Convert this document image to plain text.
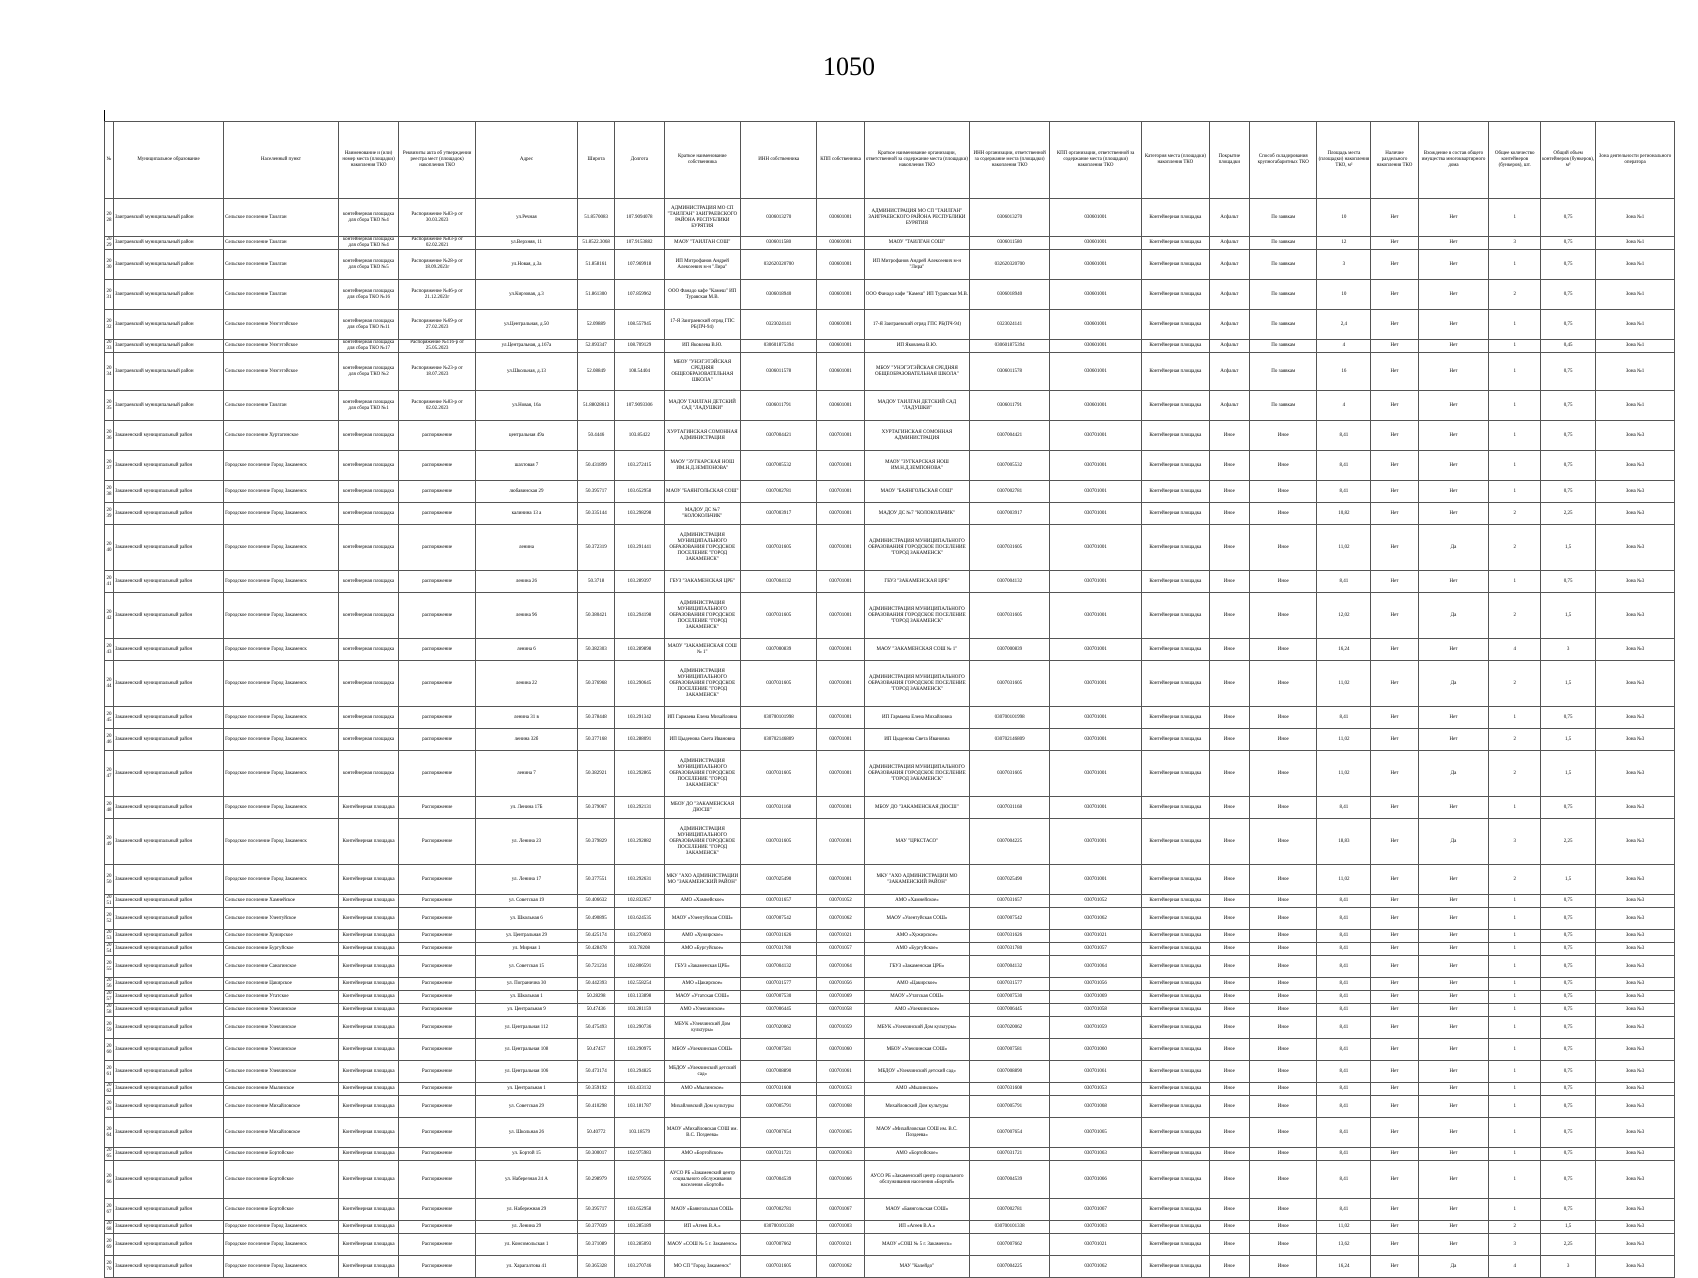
1050
№	Муниципальное образование	Населенный пункт	Наименование и (или) номер места (площадки) накопления ТКО	Реквизиты акта об утверждении реестра мест (площадок) накопления ТКО	Адрес	Широта	Долгота	Краткое наименование собственника	ИНН собственника	КПП собственника	Краткое наименование организации, ответственной за содержание места (площадки) накопления ТКО	ИНН организации, ответственной за содержание места (площадки) накопления ТКО	КПП организации, ответственной за содержание места (площадки) накопления ТКО	Категория места (площадки) накопления ТКО	Покрытие площадки	Способ складирования крупногабаритных ТКО	Площадь места (площадки) накопления ТКО, м²	Наличие раздельного накопления ТКО	Вхождение в состав общего имущества многоквартирного дома	Общее количество контейнеров (бункеров), шт.	Общий объем контейнеров (бункеров), м³	Зона деятельности регионального оператора
2028	Заиграевский муниципальный район	Сельское поселение Таилган	контейнерная площадка для сбора ТКО №4	Распоряжение №83-р от 30.03.2023	ул.Речная	51.8570083	107.9094078	АДМИНИСТРАЦИЯ МО СП "ТАИЛГАН" ЗАИГРАЕВСКОГО РАЙОНА РЕСПУБЛИКИ БУРЯТИЯ	0306013270	030601001	АДМИНИСТРАЦИЯ МО СП "ТАИЛГАН" ЗАИГРАЕВСКОГО РАЙОНА РЕСПУБЛИКИ БУРЯТИЯ	0306013270	030601001	Контейнерная площадка	Асфальт	По заявкам	10	Нет	Нет	1	0,75	Зона №1
2029	Заиграевский муниципальный район	Сельское поселение Таилган	контейнерная площадка для сбора ТКО №4	Распоряжение №83-р от 02.02.2021	ул.Верхняя, 11	51.8522.3068	107.9153882	МАОУ "ТАИЛГАН СОШ"	0306011580	030601001	МАОУ "ТАИЛГАН СОШ"	0306011580	030601001	Контейнерная площадка	Асфальт	По заявкам	12	Нет	Нет	3	0,75	Зона №1
2030	Заиграевский муниципальный район	Сельское поселение Таилган	контейнерная площадка для сбора ТКО №5	Распоряжение №28-р от 18.09.2023г	ул.Новая, д.3а	51.858161	107.969918	ИП Митрофанов Андрей Алексеевич м-н "Лира"	032620320700	030601001	ИП Митрофанов Андрей Алексеевич м-н "Лира"	032620320700	030601001	Контейнерная площадка	Асфальт	По заявкам	3	Нет	Нет	1	0,75	Зона №1
2031	Заиграевский муниципальный район	Сельское поселение Таилган	контейнерная площадка для сбора ТКО №16	Распоряжение №46-р от 21.12.2023г	ул.Кирзовая, д.3	51.861300	107.859962	ООО Фанадо кафе "Камеш" ИП Туравская М.В.	0306018940	030601001	ООО Фанадо кафе "Камеш" ИП Туравская М.В.	0306018940	030601001	Контейнерная площадка	Асфальт	По заявкам	10	Нет	Нет	2	0,75	Зона №1
2032	Заиграевский муниципальный район	Сельское поселение Унэгэтэйское	контейнерная площадка для сбора ТКО №11	Распоряжение №69-р от 27.02.2023	ул.Центральная, д.50	52.09889	108.557945	17-Я Заиграевский отряд ГПС РБ(ПЧ-94)	0323024141	030601001	17-Я Заиграевский отряд ГПС РБ(ПЧ-94)	0323024141	030601001	Контейнерная площадка	Асфальт	По заявкам	2,4	Нет	Нет	1	0,75	Зона №1
2033	Заиграевский муниципальный район	Сельское поселение Унэгэтэйское	контейнерная площадка для сбора ТКО №17	Распоряжение №116-р от 25.05.2023	ул.Центральная, д.167а	52.093347	108.709129	ИП Яковлева В.Ю.	030601875394	030601001	ИП Яковлева В.Ю.	030601875394	030601001	Контейнерная площадка	Асфальт	По заявкам	4	Нет	Нет	1	0,45	Зона №1
2034	Заиграевский муниципальный район	Сельское поселение Унэгэтэйское	контейнерная площадка для сбора ТКО №2	Распоряжение №23-р от 18.07.2023	ул.Школьная, д.13	52.08849	108.54404	МБОУ "УНЭГЭТЭЙСКАЯ СРЕДНЯЯ ОБЩЕОБРАЗОВАТЕЛЬНАЯ ШКОЛА"	0306011578	030601001	МБОУ "УНЭГЭТЭЙСКАЯ СРЕДНЯЯ ОБЩЕОБРАЗОВАТЕЛЬНАЯ ШКОЛА"	0306011578	030601001	Контейнерная площадка	Асфальт	По заявкам	16	Нет	Нет	1	0,75	Зона №1
2035	Заиграевский муниципальный район	Сельское поселение Таилган	контейнерная площадка для сбора ТКО №1	Распоряжение №83-р от 02.02.2023	ул.Новая, 16а	51.88028613	107.9093306	МАДОУ ТАИЛГАН ДЕТСКИЙ САД "ЛАДУШКИ"	0306011791	030601001	МАДОУ ТАИЛГАН ДЕТСКИЙ САД "ЛАДУШКИ"	0306011791	030601001	Контейнерная площадка	Асфальт	По заявкам	4	Нет	Нет	1	0,75	Зона №1
2036	Закаменский муниципальный район	Сельское поселение Хуртагинское	контейнерная площадка	распоряжение	центральная 49а	50.4446	103.85422	ХУРТАГИНСКАЯ СОМОННАЯ АДМИНИСТРАЦИЯ	0307004421	030701001	ХУРТАГИНСКАЯ СОМОННАЯ АДМИНИСТРАЦИЯ	0307004421	030701001	Контейнерная площадка	Иное	Иное	8,41	Нет	Нет	1	0,75	Зона №3
2037	Закаменский муниципальный район	Городское поселение Город Закаменск	контейнерная площадка	распоряжение	шахтовая 7	50.431899	103.272415	МАОУ "ЗУГКАРСКАЯ НОШ ИМ.Н.Д.ЗЕМПОНОВА"	0307005532	030701001	МАОУ "ЗУГКАРСКАЯ НОШ ИМ.Н.Д.ЗЕМПОНОВА"	0307005532	030701001	Контейнерная площадка	Иное	Иное	8,41	Нет	Нет	1	0,75	Зона №3
2038	Закаменский муниципальный район	Городское поселение Город Закаменск	контейнерная площадка	распоряжение	любавинская 29	50.395717	103.652958	МАОУ "БАЯНГОЛЬСКАЯ СОШ"	0307002781	030701001	МАОУ "БАЯНГОЛЬСКАЯ СОШ"	0307002781	030701001	Контейнерная площадка	Иное	Иное	8,41	Нет	Нет	1	0,75	Зона №3
2039	Закаменский муниципальный район	Городское поселение Город Закаменск	контейнерная площадка	распоряжение	калинина 13 а	50.335144	103.298298	МАДОУ ДС №7 "КОЛОКОЛЬЧИК"	0307003917	030701001	МАДОУ ДС №7 "КОЛОКОЛЬЧИК"	0307003917	030701001	Контейнерная площадка	Иное	Иное	10,82	Нет	Нет	2	2,25	Зона №3
2040	Закаменский муниципальный район	Городское поселение Город Закаменск	контейнерная площадка	распоряжение	ленина	50.372319	103.291441	АДМИНИСТРАЦИЯ МУНИЦИПАЛЬНОГО ОБРАЗОВАНИЯ ГОРОДСКОЕ ПОСЕЛЕНИЕ "ГОРОД ЗАКАМЕНСК"	0307031605	030701001	АДМИНИСТРАЦИЯ МУНИЦИПАЛЬНОГО ОБРАЗОВАНИЯ ГОРОДСКОЕ ПОСЕЛЕНИЕ "ГОРОД ЗАКАМЕНСК"	0307031605	030701001	Контейнерная площадка	Иное	Иное	11,02	Нет	Да	2	1,5	Зона №3
2041	Закаменский муниципальный район	Городское поселение Город Закаменск	контейнерная площадка	распоряжение	ленина 26	50.3718	103.289397	ГБУЗ "ЗАКАМЕНСКАЯ ЦРБ"	0307004132	030701001	ГБУЗ "ЗАКАМЕНСКАЯ ЦРБ"	0307004132	030701001	Контейнерная площадка	Иное	Иное	8,41	Нет	Нет	1	0,75	Зона №3
2042	Закаменский муниципальный район	Городское поселение Город Закаменск	контейнерная площадка	распоряжение	ленина 96	50.380421	103.294198	АДМИНИСТРАЦИЯ МУНИЦИПАЛЬНОГО ОБРАЗОВАНИЯ ГОРОДСКОЕ ПОСЕЛЕНИЕ "ГОРОД ЗАКАМЕНСК"	0307031605	030701001	АДМИНИСТРАЦИЯ МУНИЦИПАЛЬНОГО ОБРАЗОВАНИЯ ГОРОДСКОЕ ПОСЕЛЕНИЕ "ГОРОД ЗАКАМЕНСК"	0307031605	030701001	Контейнерная площадка	Иное	Иное	12,02	Нет	Да	2	1,5	Зона №3
2043	Закаменский муниципальный район	Городское поселение Город Закаменск	контейнерная площадка	распоряжение	ленина 6	50.382303	103.289898	МАОУ "ЗАКАМЕНСКАЯ СОШ № 1"	0307000839	030701001	МАОУ "ЗАКАМЕНСКАЯ СОШ № 1"	0307000839	030701001	Контейнерная площадка	Иное	Иное	16,24	Нет	Нет	4	3	Зона №3
2044	Закаменский муниципальный район	Городское поселение Город Закаменск	контейнерная площадка	распоряжение	ленина 22	50.376968	103.290645	АДМИНИСТРАЦИЯ МУНИЦИПАЛЬНОГО ОБРАЗОВАНИЯ ГОРОДСКОЕ ПОСЕЛЕНИЕ "ГОРОД ЗАКАМЕНСК"	0307031605	030701001	АДМИНИСТРАЦИЯ МУНИЦИПАЛЬНОГО ОБРАЗОВАНИЯ ГОРОДСКОЕ ПОСЕЛЕНИЕ "ГОРОД ЗАКАМЕНСК"	0307031605	030701001	Контейнерная площадка	Иное	Иное	11,02	Нет	Да	2	1,5	Зона №3
2045	Закаменский муниципальный район	Городское поселение Город Закаменск	контейнерная площадка	распоряжение	ленина 31 в	50.378448	103.291342	ИП Гармаева Елена Михайловна	030700101998	030701001	ИП Гармаева Елена Михайловна	030700101998	030701001	Контейнерная площадка	Иное	Иное	8,41	Нет	Нет	1	0,75	Зона №3
2046	Закаменский муниципальный район	Городское поселение Город Закаменск	контейнерная площадка	распоряжение	ленина 32б	50.377168	103.288091	ИП Цыденова Светa Ивановна	030702146809	030701001	ИП Цыденова Света Ивановна	030702146809	030701001	Контейнерная площадка	Иное	Иное	11,02	Нет	Нет	2	1,5	Зона №3
2047	Закаменский муниципальный район	Городское поселение Город Закаменск	контейнерная площадка	распоряжение	ленина 7	50.382921	103.292865	АДМИНИСТРАЦИЯ МУНИЦИПАЛЬНОГО ОБРАЗОВАНИЯ ГОРОДСКОЕ ПОСЕЛЕНИЕ "ГОРОД ЗАКАМЕНСК"	0307031605	030701001	АДМИНИСТРАЦИЯ МУНИЦИПАЛЬНОГО ОБРАЗОВАНИЯ ГОРОДСКОЕ ПОСЕЛЕНИЕ "ГОРОД ЗАКАМЕНСК"	0307031605	030701001	Контейнерная площадка	Иное	Иное	11,02	Нет	Да	2	1,5	Зона №3
2048	Закаменский муниципальный район	Городское поселение Город Закаменск	Контейнерная площадка	Распоряжение	ул. Ленина 17Б	50.379067	103.292131	МБОУ ДО "ЗАКАМЕНСКАЯ ДЮСШ"	0307031168	030701001	МБОУ ДО "ЗАКАМЕНСКАЯ ДЮСШ"	0307031168	030701001	Контейнерная площадка	Иное	Иное	8,41	Нет	Нет	1	0,75	Зона №3
2049	Закаменский муниципальный район	Городское поселение Город Закаменск	Контейнерная площадка	Распоряжение	ул. Ленина 23	50.379829	103.292882	АДМИНИСТРАЦИЯ МУНИЦИПАЛЬНОГО ОБРАЗОВАНИЯ ГОРОДСКОЕ ПОСЕЛЕНИЕ "ГОРОД ЗАКАМЕНСК"	0307031605	030701001	МАУ "ЦРКСТАСО"	0307004225	030701001	Контейнерная площадка	Иное	Иное	18,83	Нет	Да	3	2,25	Зона №3
2050	Закаменский муниципальный район	Городское поселение Город Закаменск	Контейнерная площадка	Распоряжение	ул. Ленина 17	50.377551	103.292631	МКУ "АХО АДМИНИСТРАЦИИ МО "ЗАКАМЕНСКИЙ РАЙОН"	0307025490	030701001	МКУ "АХО АДМИНИСТРАЦИИ МО "ЗАКАМЕНСКИЙ РАЙОН"	0307025490	030701001	Контейнерная площадка	Иное	Иное	11,02	Нет	Нет	2	1,5	Зона №3
2051	Закаменский муниципальный район	Сельское поселение Хамнейское	Контейнерная площадка	Распоряжение	ул. Советская 19	50.406632	102.832657	АМО «Хамнейское»	0307031657	030701052	АМО «Хамнейское»	0307031657	030701052	Контейнерная площадка	Иное	Иное	8,41	Нет	Нет	1	0,75	Зона №3
2052	Закаменский муниципальный район	Сельское поселение Улентуйское	Контейнерная площадка	Распоряжение	ул. Школьная 6	50.490895	103.624535	МАОУ «Улентуйская СОШ»	0307007542	030701062	МАОУ «Улентуйская СОШ»	0307007542	030701062	Контейнерная площадка	Иное	Иное	8,41	Нет	Нет	1	0,75	Зона №3
2053	Закаменский муниципальный район	Сельское поселение Хужирское	Контейнерная площадка	Распоряжение	ул. Центральная 29	50.425174	103.270693	АМО «Хужирское»	0307031626	030701021	АМО «Хужирское»	0307031626	030701021	Контейнерная площадка	Иное	Иное	8,41	Нет	Нет	1	0,75	Зона №3
2054	Закаменский муниципальный район	Сельское поселение Бургуйское	Контейнерная площадка	Распоряжение	ул. Мирная 1	50.428478	103.78208	АМО «Бургуйское»	0307031780	030701057	АМО «Бургуйское»	0307031780	030701057	Контейнерная площадка	Иное	Иное	8,41	Нет	Нет	1	0,75	Зона №3
2055	Закаменский муниципальный район	Сельское поселение Санагинское	Контейнерная площадка	Распоряжение	ул. Советская 15	50.721234	102.806591	ГБУЗ «Закаменская ЦРБ»	0307004132	030701064	ГБУЗ «Закаменская ЦРБ»	0307004132	030701064	Контейнерная площадка	Иное	Иное	8,41	Нет	Нет	1	0,75	Зона №3
2056	Закаменский муниципальный район	Сельское поселение Цакирское	Контейнерная площадка	Распоряжение	ул. Погранична 30	50.442393	102.558254	АМО «Цакирское»	0307031577	030701056	АМО «Цакирское»	0307031577	030701056	Контейнерная площадка	Иное	Иное	8,41	Нет	Нет	1	0,75	Зона №3
2057	Закаменский муниципальный район	Сельское поселение Утатское	Контейнерная площадка	Распоряжение	ул. Школьная 1	50.28298	103.133898	МАОУ «Утатская СОШ»	0307007530	030701069	МАОУ «Утатская СОШ»	0307007530	030701069	Контейнерная площадка	Иное	Иное	8,41	Нет	Нет	1	0,75	Зона №3
2058	Закаменский муниципальный район	Сельское поселение Улекчинское	Контейнерная площадка	Распоряжение	ул. Центральная 9	50.47436	103.281159	АМО «Улекчинское»	0307006445	030701058	АМО «Улекчинское»	0307006445	030701058	Контейнерная площадка	Иное	Иное	8,41	Нет	Нет	1	0,75	Зона №3
2059	Закаменский муниципальный район	Сельское поселение Улекчинское	Контейнерная площадка	Распоряжение	ул. Центральная 112	50.475493	103.290736	МБУК «Улекчинский Дом культуры»	0307020062	030701059	МБУК «Улекчинский Дом культуры»	0307020062	030701059	Контейнерная площадка	Иное	Иное	8,41	Нет	Нет	1	0,75	Зона №3
2060	Закаменский муниципальный район	Сельское поселение Улекчинское	Контейнерная площадка	Распоряжение	ул. Центральная 108	50.47457	103.290975	МБОУ «Улекчинская СОШ»	0307007581	030701060	МБОУ «Улекчинская СОШ»	0307007581	030701060	Контейнерная площадка	Иное	Иное	8,41	Нет	Нет	1	0,75	Зона №3
2061	Закаменский муниципальный район	Сельское поселение Улекчинское	Контейнерная площадка	Распоряжение	ул. Центральная 106	50.473174	103.294825	МБДОУ «Улекчинский детский сад»	0307008890	030701061	МБДОУ «Улекчинский детский сад»	0307008890	030701061	Контейнерная площадка	Иное	Иное	8,41	Нет	Нет	1	0,75	Зона №3
2062	Закаменский муниципальный район	Сельское поселение Мылинское	Контейнерная площадка	Распоряжение	ул. Центральная 1	50.359192	103.433132	АМО «Мылинское»	0307031608	030701053	АМО «Мылинское»	0307031608	030701053	Контейнерная площадка	Иное	Иное	8,41	Нет	Нет	1	0,75	Зона №3
2063	Закаменский муниципальный район	Сельское поселение Михайловское	Контейнерная площадка	Распоряжение	ул. Советская 29	50.410298	103.181787	Михайловский Дом культуры	0307005791	030701068	Михайловский Дом культуры	0307005791	030701068	Контейнерная площадка	Иное	Иное	8,41	Нет	Нет	1	0,75	Зона №3
2064	Закаменский муниципальный район	Сельское поселение Михайловское	Контейнерная площадка	Распоряжение	ул. Школьная 26	50.40772	103.18579	МАОУ «Михайловская СОШ им. В.С. Поздеева»	0307007654	030701065	МАОУ «Михайловская СОШ им. В.С. Поздеева»	0307007654	030701065	Контейнерная площадка	Иное	Иное	8,41	Нет	Нет	1	0,75	Зона №3
2065	Закаменский муниципальный район	Сельское поселение Бортойское	Контейнерная площадка	Распоряжение	ул. Бортой 15	50.300017	102.975983	АМО «Бортойское»	0307031721	030701063	АМО «Бортойское»	0307031721	030701063	Контейнерная площадка	Иное	Иное	8,41	Нет	Нет	1	0,75	Зона №3
2066	Закаменский муниципальный район	Сельское поселение Бортойское	Контейнерная площадка	Распоряжение	ул. Наберезная 24 А	50.298979	102.979595	АУСО РБ «Закаменский центр социального обслуживания населения «Бортой»	0307004539	030701066	АУСО РБ «Закаменский центр социального обслуживания населения «Бортой»	0307004539	030701066	Контейнерная площадка	Иное	Иное	8,41	Нет	Нет	1	0,75	Зона №3
2067	Закаменский муниципальный район	Сельское поселение Бортойское	Контейнерная площадка	Распоряжение	ул. Набережная 29	50.395717	103.652958	МАОУ «Баянгольская СОШ»	0307002781	030701067	МАОУ «Баянгольская СОШ»	0307002781	030701067	Контейнерная площадка	Иное	Иное	8,41	Нет	Нет	1	0,75	Зона №3
2068	Закаменский муниципальный район	Городское поселение Город Закаменск	Контейнерная площадка	Распоряжение	ул. Ленина 29	50.377039	103.285189	ИП «Агеев В.А.»	030700101338	030701003	ИП «Агеев В.А.»	030700101338	030701003	Контейнерная площадка	Иное	Иное	11,02	Нет	Нет	2	1,5	Зона №3
2069	Закаменский муниципальный район	Городское поселение Город Закаменск	Контейнерная площадка	Распоряжение	ул. Комсомольская 1	50.371089	103.285093	МАОУ «СОШ № 5 г. Закаменск»	0307007662	030701021	МАОУ «СОШ № 5 г. Закаменск»	0307007662	030701021	Контейнерная площадка	Иное	Иное	13,62	Нет	Нет	3	2,25	Зона №3
2070	Закаменский муниципальный район	Городское поселение Город Закаменск	Контейнерная площадка	Распоряжение	ул. Харагалтова 41	50.365328	103.270746	МО СП "Город Закаменск"	0307031605	030701062	МАУ "Калейдо"	0307004225	030701062	Контейнерная площадка	Иное	Иное	16,24	Нет	Да	4	3	Зона №3
